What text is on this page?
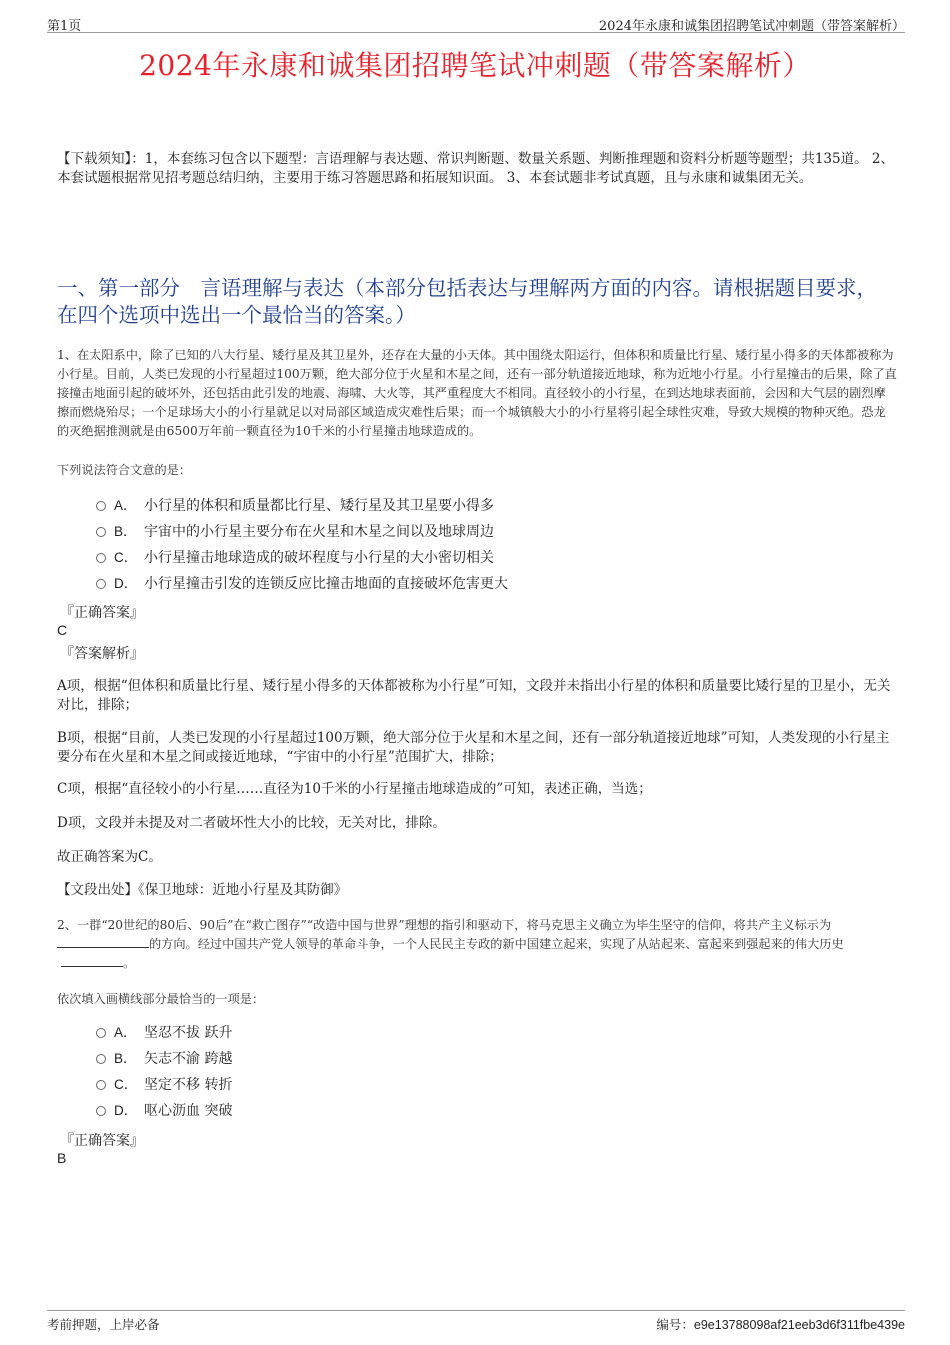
第1页	2024年永康和诚集团招聘笔试冲刺题（带答案解析）
2024年永康和诚集团招聘笔试冲刺题（带答案解析）
【下载须知】：1，本套练习包含以下题型：言语理解与表达题、常识判断题、数量关系题、判断推理题和资料分析题等题型；共135道。 2、本套试题根据常见招考题总结归纳，主要用于练习答题思路和拓展知识面。 3、本套试题非考试真题，且与永康和诚集团无关。
一、第一部分　言语理解与表达（本部分包括表达与理解两方面的内容。请根据题目要求，在四个选项中选出一个最恰当的答案。）
1、在太阳系中，除了已知的八大行星、矮行星及其卫星外，还存在大量的小天体。其中围绕太阳运行，但体积和质量比行星、矮行星小得多的天体都被称为小行星。目前，人类已发现的小行星超过100万颗，绝大部分位于火星和木星之间，还有一部分轨道接近地球，称为近地小行星。小行星撞击的后果，除了直接撞击地面引起的破坏外，还包括由此引发的地震、海啸、大火等，其严重程度大不相同。直径较小的小行星，在到达地球表面前，会因和大气层的剧烈摩擦而燃烧殆尽；一个足球场大小的小行星就足以对局部区域造成灾难性后果；而一个城镇般大小的小行星将引起全球性灾难，导致大规模的物种灭绝。恐龙的灭绝据推测就是由6500万年前一颗直径为10千米的小行星撞击地球造成的。
下列说法符合文意的是：
A． 小行星的体积和质量都比行星、矮行星及其卫星要小得多
B． 宇宙中的小行星主要分布在火星和木星之间以及地球周边
C． 小行星撞击地球造成的破坏程度与小行星的大小密切相关
D． 小行星撞击引发的连锁反应比撞击地面的直接破坏危害更大
『正确答案』
C
『答案解析』
A项，根据“但体积和质量比行星、矮行星小得多的天体都被称为小行星”可知，文段并未指出小行星的体积和质量要比矮行星的卫星小，无关对比，排除；
B项，根据“目前，人类已发现的小行星超过100万颗，绝大部分位于火星和木星之间，还有一部分轨道接近地球”可知，人类发现的小行星主要分布在火星和木星之间或接近地球，“宇宙中的小行星”范围扩大，排除；
C项，根据“直径较小的小行星……直径为10千米的小行星撞击地球造成的”可知，表述正确，当选；
D项，文段并未提及对二者破坏性大小的比较，无关对比，排除。
故正确答案为C。
【文段出处】《保卫地球：近地小行星及其防御》
2、一群“20世纪的80后、90后”在“救亡图存”“改造中国与世界”理想的指引和驱动下，将马克思主义确立为毕生坚守的信仰，将共产主义标示为的方向。经过中国共产党人领导的革命斗争，一个人民民主专政的新中国建立起来，实现了从站起来、富起来到强起来的伟大历史。
依次填入画横线部分最恰当的一项是：
A． 坚忍不拔 跃升
B． 矢志不渝 跨越
C． 坚定不移 转折
D． 呕心沥血 突破
『正确答案』
B
考前押题，上岸必备	编号：e9e13788098af21eeb3d6f311fbe439e
